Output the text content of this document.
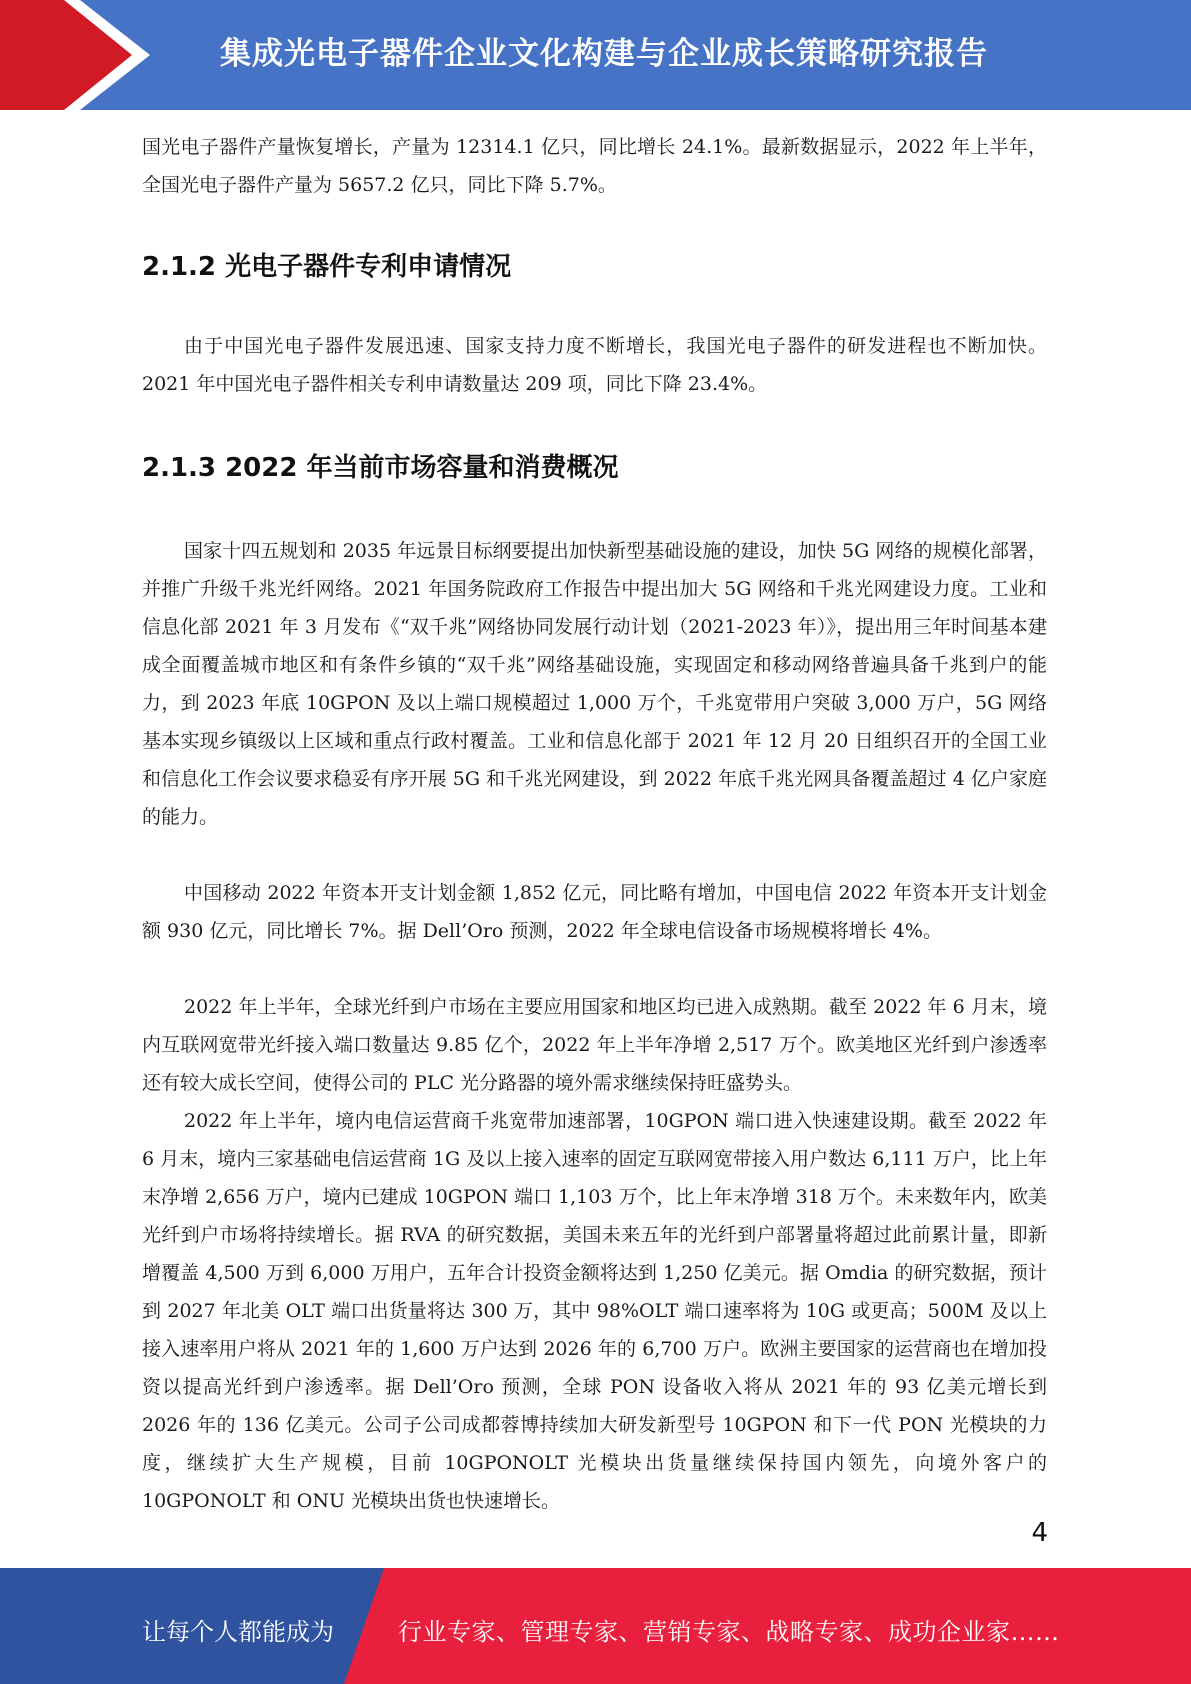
集成光电子器件企业文化构建与企业成长策略研究报告

国光电子器件产量恢复增长，产量为 12314.1 亿只，同比增长 24.1%。最新数据显示，2022 年上半年，全国光电子器件产量为 5657.2 亿只，同比下降 5.7%。

2.1.2 光电子器件专利申请情况

由于中国光电子器件发展迅速、国家支持力度不断增长，我国光电子器件的研发进程也不断加快。2021 年中国光电子器件相关专利申请数量达 209 项，同比下降 23.4%。

2.1.3 2022 年当前市场容量和消费概况

国家十四五规划和 2035 年远景目标纲要提出加快新型基础设施的建设，加快 5G 网络的规模化部署，并推广升级千兆光纤网络。2021 年国务院政府工作报告中提出加大 5G 网络和千兆光网建设力度。工业和信息化部 2021 年 3 月发布《“双千兆”网络协同发展行动计划（2021-2023 年）》，提出用三年时间基本建成全面覆盖城市地区和有条件乡镇的“双千兆”网络基础设施，实现固定和移动网络普遍具备千兆到户的能力，到 2023 年底 10GPON 及以上端口规模超过 1,000 万个，千兆宽带用户突破 3,000 万户，5G 网络基本实现乡镇级以上区域和重点行政村覆盖。工业和信息化部于 2021 年 12 月 20 日组织召开的全国工业和信息化工作会议要求稳妥有序开展 5G 和千兆光网建设，到 2022 年底千兆光网具备覆盖超过 4 亿户家庭的能力。

中国移动 2022 年资本开支计划金额 1,852 亿元，同比略有增加，中国电信 2022 年资本开支计划金额 930 亿元，同比增长 7%。据 Dell’Oro 预测，2022 年全球电信设备市场规模将增长 4%。

2022 年上半年，全球光纤到户市场在主要应用国家和地区均已进入成熟期。截至 2022 年 6 月末，境内互联网宽带光纤接入端口数量达 9.85 亿个，2022 年上半年净增 2,517 万个。欧美地区光纤到户渗透率还有较大成长空间，使得公司的 PLC 光分路器的境外需求继续保持旺盛势头。

2022 年上半年，境内电信运营商千兆宽带加速部署，10GPON 端口进入快速建设期。截至 2022 年 6 月末，境内三家基础电信运营商 1G 及以上接入速率的固定互联网宽带接入用户数达 6,111 万户，比上年末净增 2,656 万户，境内已建成 10GPON 端口 1,103 万个，比上年末净增 318 万个。未来数年内，欧美光纤到户市场将持续增长。据 RVA 的研究数据，美国未来五年的光纤到户部署量将超过此前累计量，即新增覆盖 4,500 万到 6,000 万用户，五年合计投资金额将达到 1,250 亿美元。据 Omdia 的研究数据，预计到 2027 年北美 OLT 端口出货量将达 300 万，其中 98%OLT 端口速率将为 10G 或更高；500M 及以上接入速率用户将从 2021 年的 1,600 万户达到 2026 年的 6,700 万户。欧洲主要国家的运营商也在增加投资以提高光纤到户渗透率。据 Dell’Oro 预测，全球 PON 设备收入将从 2021 年的 93 亿美元增长到 2026 年的 136 亿美元。公司子公司成都蓉博持续加大研发新型号 10GPON 和下一代 PON 光模块的力度，继续扩大生产规模，目前 10GPONOLT 光模块出货量继续保持国内领先，向境外客户的 10GPONOLT 和 ONU 光模块出货也快速增长。

4
让每个人都能成为	行业专家、管理专家、营销专家、战略专家、成功企业家……
